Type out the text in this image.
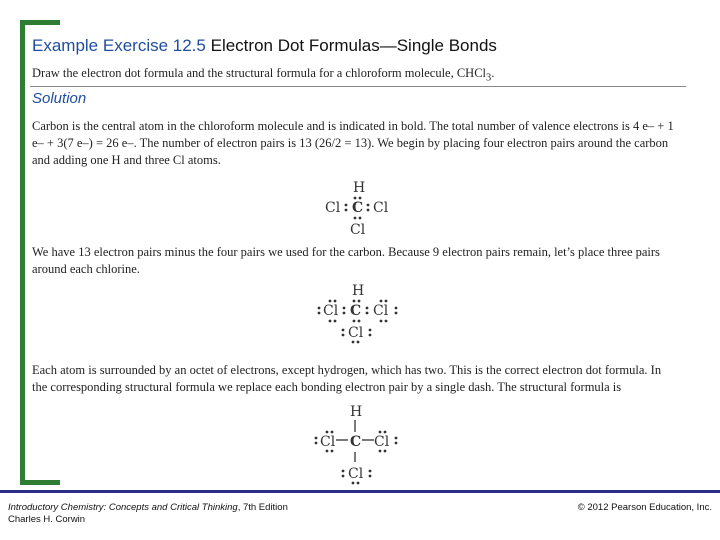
Example Exercise 12.5 Electron Dot Formulas—Single Bonds
Draw the electron dot formula and the structural formula for a chloroform molecule, CHCl$_3$.
Solution
Carbon is the central atom in the chloroform molecule and is indicated in bold. The total number of valence electrons is 4 e– + 1 e– + 3(7 e–) = 26 e–. The number of electron pairs is 13 (26/2 = 13). We begin by placing four electron pairs around the carbon and adding one H and three Cl atoms.
H
Cl C Cl
Cl
We have 13 electron pairs minus the four pairs we used for the carbon. Because 9 electron pairs remain, let’s place three pairs around each chlorine.
H
Cl C Cl
Cl
Each atom is surrounded by an octet of electrons, except hydrogen, which has two. This is the correct electron dot formula. In the corresponding structural formula we replace each bonding electron pair by a single dash. The structural formula is
H
Cl C Cl
Cl
Introductory Chemistry: Concepts and Critical Thinking, 7th Edition
Charles H. Corwin
© 2012 Pearson Education, Inc.
